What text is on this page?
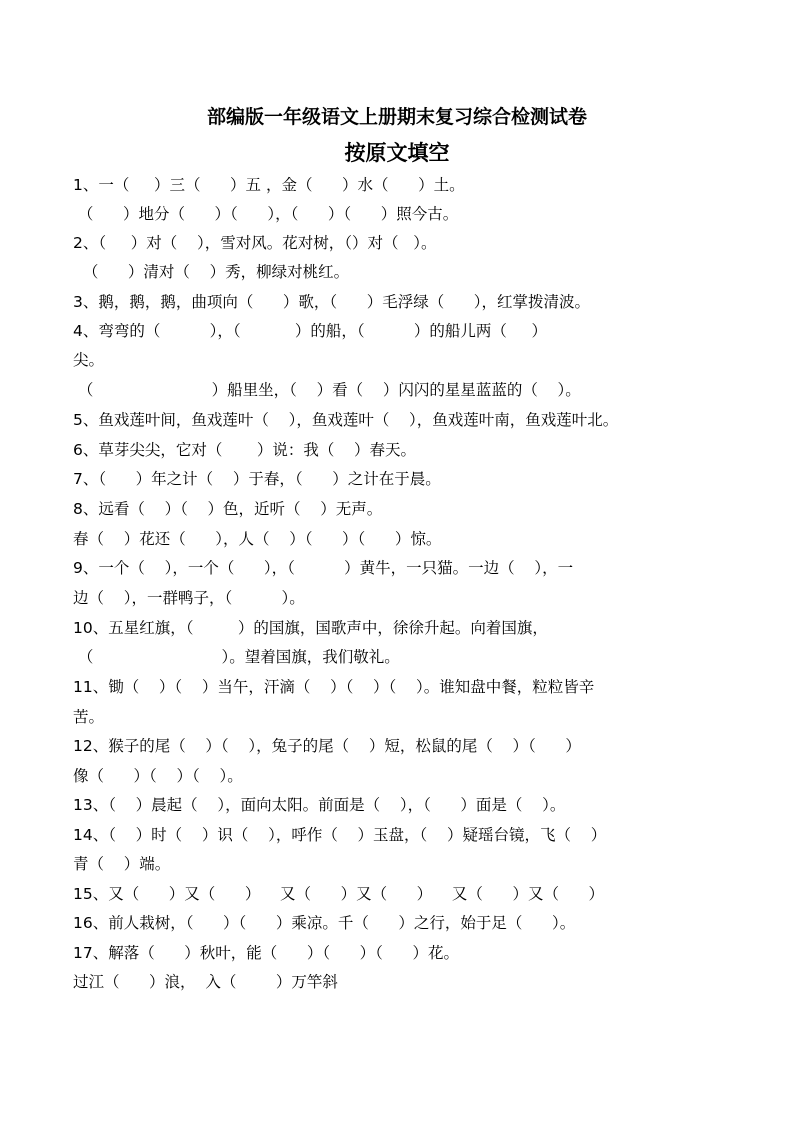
部编版一年级语文上册期末复习综合检测试卷
按原文填空
1、一（     ）三（      ）五 ，金（      ）水（      ）土。
（      ）地分（      ）（      ），（      ）（      ）照今古。
2、（     ）对（    ），雪对风。花对树，（）对（   ）。
（      ）清对（    ）秀，柳绿对桃红。
3、鹅，鹅，鹅，曲项向（      ）歌，（      ）毛浮绿（      ），红掌拨清波。
4、弯弯的（          ），（           ）的船，（          ）的船儿两（     ）
尖。
（                        ）船里坐，（    ）看（    ）闪闪的星星蓝蓝的（    ）。
5、鱼戏莲叶间，鱼戏莲叶（    ），鱼戏莲叶（    ），鱼戏莲叶南，鱼戏莲叶北。
6、草芽尖尖，它对（       ）说：我（    ）春天。
7、（      ）年之计（    ）于春，（      ）之计在于晨。
8、远看（    ）（    ）色，近听（    ）无声。
春（    ）花还（      ），人（    ）（      ）（      ）惊。
9、一个（    ），一个（      ），（          ）黄牛，一只猫。一边（    ），一
边（    ），一群鸭子，（          ）。
10、五星红旗，（         ）的国旗，国歌声中，徐徐升起。向着国旗，
（                          ）。望着国旗，我们敬礼。
11、锄（    ）（    ）当午，汗滴（    ）（    ）（    ）。谁知盘中餐，粒粒皆辛
苦。
12、猴子的尾（    ）（    ），兔子的尾（    ）短，松鼠的尾（    ）（      ）
像（      ）（    ）（    ）。
13、（    ）晨起（    ），面向太阳。前面是（    ），（      ）面是（    ）。
14、（    ）时（    ）识（    ），呼作（    ）玉盘，（    ）疑瑶台镜，飞（    ）
青（    ）端。
15、又（      ）又（      ）    又（      ）又（      ）    又（      ）又（      ）
16、前人栽树，（      ）（      ）乘凉。千（      ）之行，始于足（      ）。
17、解落（      ）秋叶，能（      ）（      ）（      ）花。
过江（      ）浪，  入（        ）万竿斜
